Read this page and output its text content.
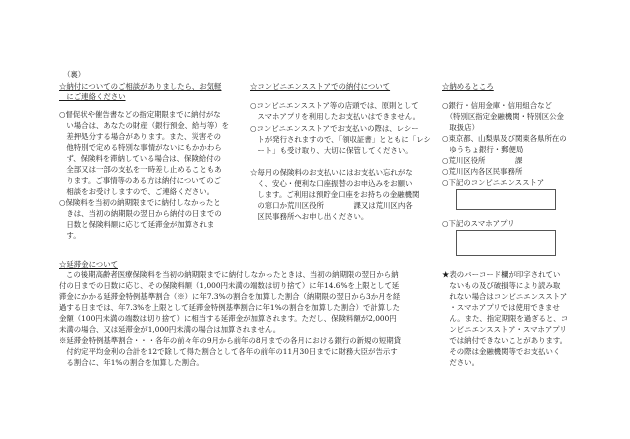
（裏）
☆納付についてのご相談がありましたら、お気軽
　にご連絡ください
○督促状や催告書などの指定期限までに納付がな
　い場合は、あなたの財産（銀行預金、給与等）を
　差押処分する場合があります。また、災害その
　他特別で定める特別な事情がないにもかかわら
　ず、保険料を滞納している場合は、保険給付の
　全部又は一部の支払を一時差し止めることもあ
　ります。ご事情等のある方は納付についてのご
　相談をお受けしますので、ご連絡ください。
○保険料を当初の納期限までに納付しなかったと
　きは、当初の納期限の翌日から納付の日までの
　日数と保険料額に応じて延滞金が加算されま
　す。
☆コンビニエンスストアでの納付について
○コンビニエンスストア等の店頭では、原則として
　スマホアプリを利用したお支払いはできません。
○コンビニエンスストアでお支払いの際は、レシー
　トが発行されますので、「領収証書」とともに「レシ
　ート」も受け取り、大切に保管してください。
☆毎月の保険料のお支払いにはお支払い忘れがな
　く、安心・便利な口座振替のお申込みをお願い
　します。ご利用は預貯金口座をお持ちの金融機関
　の窓口か荒川区役所　　　　課又は荒川区内各
　区民事務所へお申し出ください。
☆納めるところ
○銀行・信用金庫・信用組合など
　（特別区指定金融機関・特別区公金
　取扱店）
○東京都、山梨県及び関東各県所在の
　ゆうちょ銀行・郵便局
○荒川区役所　　　　課
○荒川区内各区民事務所
○下記のコンビニエンスストア
○下記のスマホアプリ
☆延滞金について
この後期高齢者医療保険料を当初の納期限までに納付しなかったときは、当初の納期限の翌日から納
付の日までの日数に応じ、その保険料額（1,000円未満の端数は切り捨て）に年14.6%を上限として延
滞金にかかる延滞金特例基準割合（※）に年7.3%の割合を加算した割合（納期限の翌日から3か月を経
過する日までは、年7.3%を上限として延滞金特例基準割合に年1%の割合を加算した割合）で計算した
金額（100円未満の端数は切り捨て）に相当する延滞金が加算されます。ただし、保険料額が2,000円
未満の場合、又は延滞金が1,000円未満の場合は加算されません。
※延滞金特例基準割合・・・各年の前々年の9月から前年の8月までの各月における銀行の新規の短期貸
　付約定平均金利の合計を12で除して得た割合として各年の前年の11月30日までに財務大臣が告示す
　る割合に、年1%の割合を加算した割合。
★表のバーコード欄が印字されてい
　ないもの及び破損等により読み取
　れない場合はコンビニエンスストア
　・スマホアプリでは使用できませ
　ん。また、指定期限を過ぎると、コ
　ンビニエンスストア・スマホアプリ
　では納付できないことがあります。
　その際は金融機関等でお支払いく
　ださい。
